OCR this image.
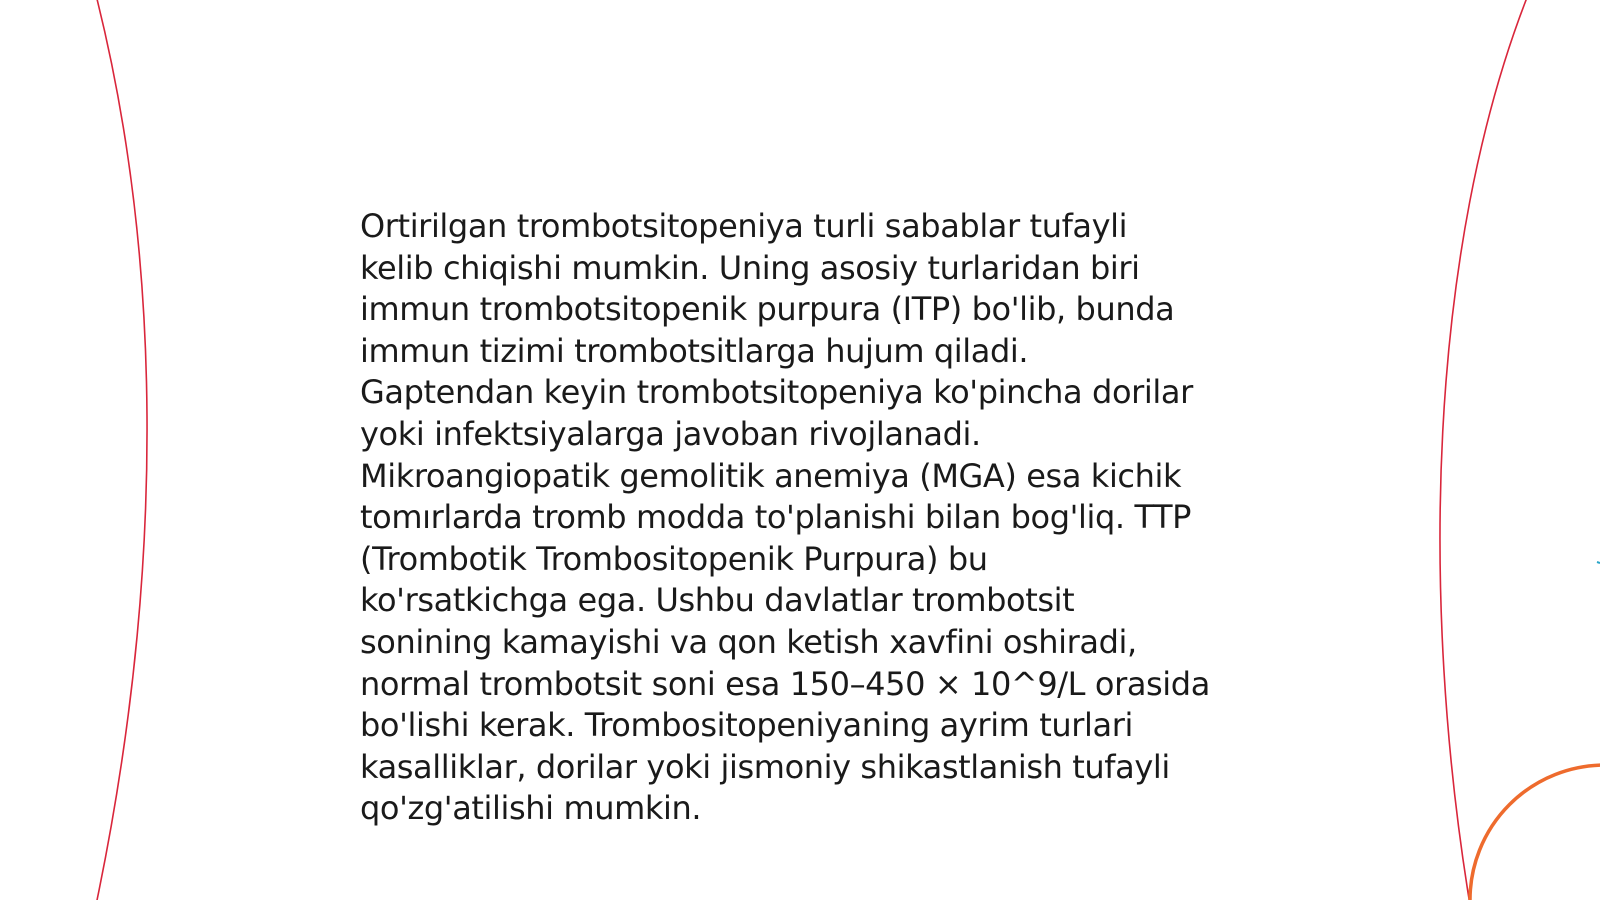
Ortirilgan trombotsitopeniya turli sabablar tufayli
kelib chiqishi mumkin. Uning asosiy turlaridan biri
immun trombotsitopenik purpura (ITP) bo'lib, bunda
immun tizimi trombotsitlarga hujum qiladi.
Gaptendan keyin trombotsitopeniya ko'pincha dorilar
yoki infektsiyalarga javoban rivojlanadi.
Mikroangiopatik gemolitik anemiya (MGA) esa kichik
tomırlarda tromb modda to'planishi bilan bog'liq. TTP
(Trombotik Trombositopenik Purpura) bu
ko'rsatkichga ega. Ushbu davlatlar trombotsit
sonining kamayishi va qon ketish xavfini oshiradi,
normal trombotsit soni esa 150–450 × 10^9/L orasida
bo'lishi kerak. Trombositopeniyaning ayrim turlari
kasalliklar, dorilar yoki jismoniy shikastlanish tufayli
qo'zg'atilishi mumkin.
